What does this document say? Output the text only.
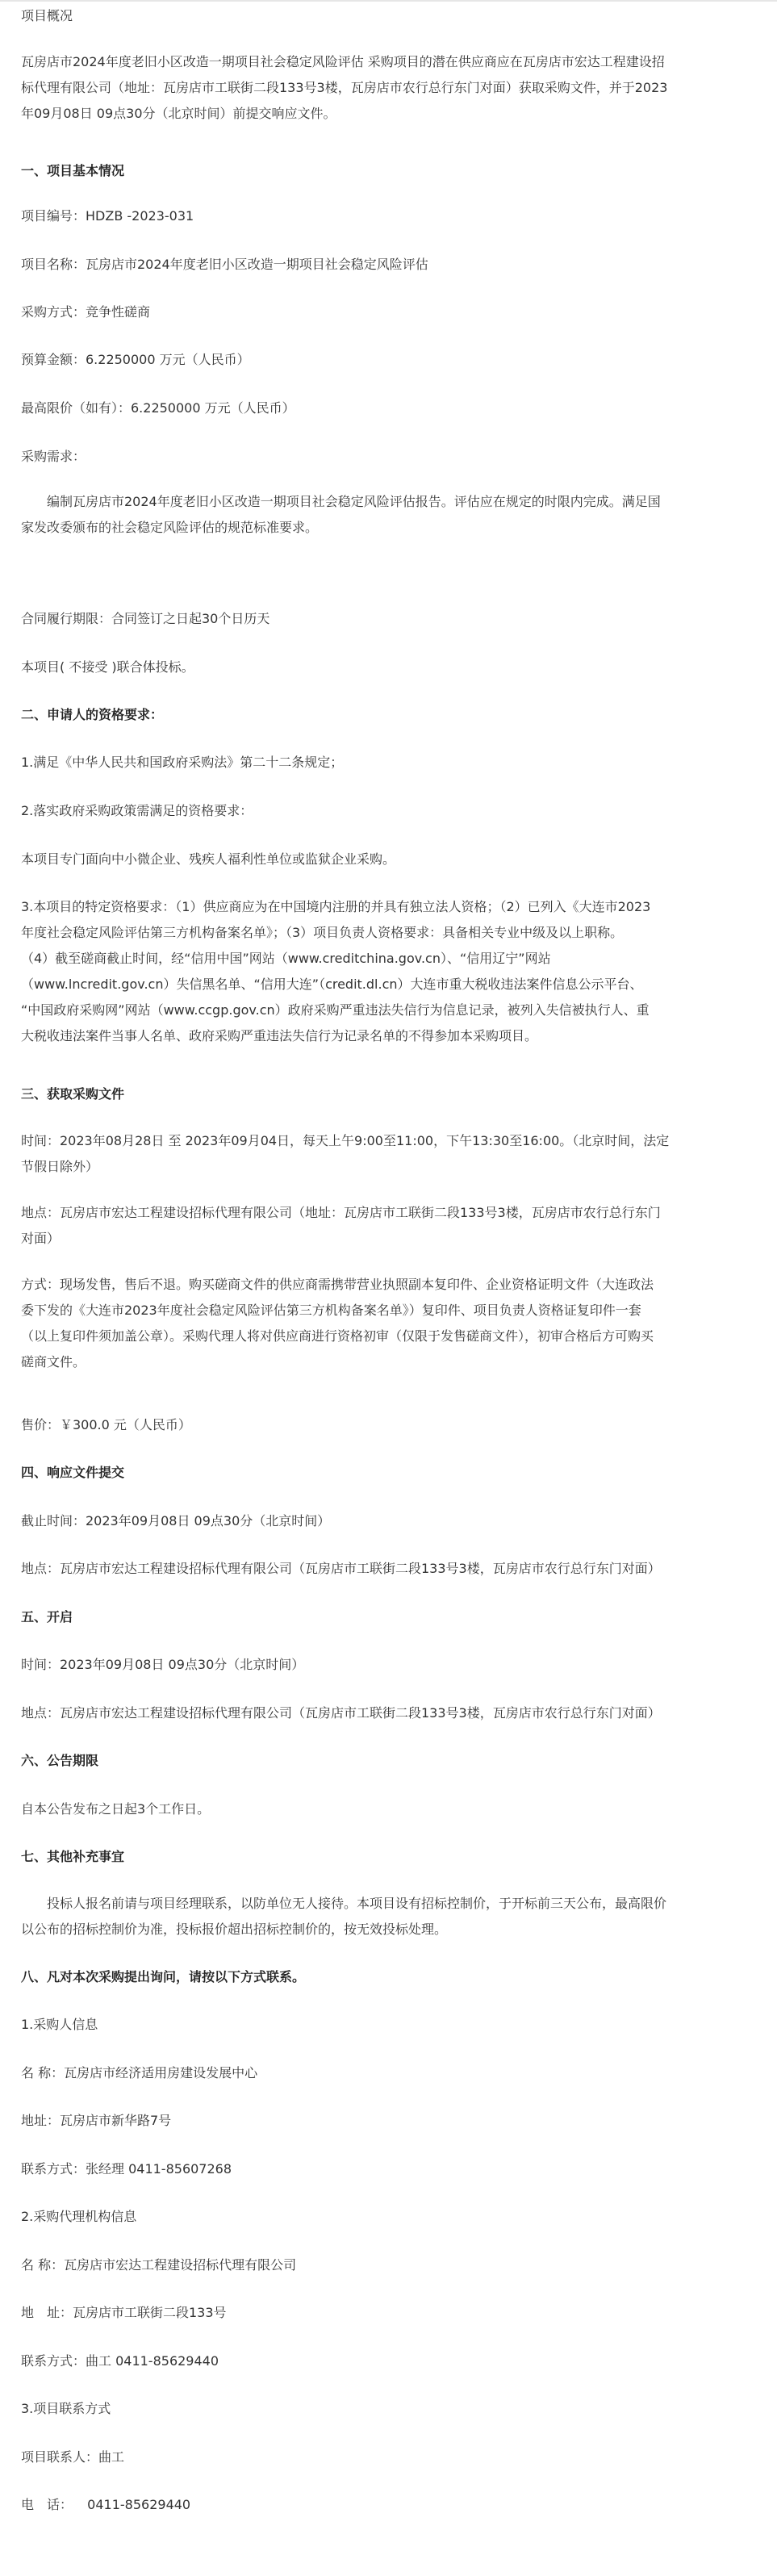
项目概况

瓦房店市2024年度老旧小区改造一期项目社会稳定风险评估 采购项目的潜在供应商应在瓦房店市宏达工程建设招
标代理有限公司（地址：瓦房店市工联街二段133号3楼，瓦房店市农行总行东门对面）获取采购文件，并于2023
年09月08日 09点30分（北京时间）前提交响应文件。

一、项目基本情况

项目编号：HDZB -2023-031

项目名称：瓦房店市2024年度老旧小区改造一期项目社会稳定风险评估

采购方式：竞争性磋商

预算金额：6.2250000 万元（人民币）

最高限价（如有）：6.2250000 万元（人民币）

采购需求：

编制瓦房店市2024年度老旧小区改造一期项目社会稳定风险评估报告。评估应在规定的时限内完成。满足国
家发改委颁布的社会稳定风险评估的规范标准要求。

合同履行期限：合同签订之日起30个日历天

本项目( 不接受 )联合体投标。

二、申请人的资格要求：

1.满足《中华人民共和国政府采购法》第二十二条规定；

2.落实政府采购政策需满足的资格要求：

本项目专门面向中小微企业、残疾人福利性单位或监狱企业采购。

3.本项目的特定资格要求：（1）供应商应为在中国境内注册的并具有独立法人资格；（2）已列入《大连市2023
年度社会稳定风险评估第三方机构备案名单》；（3）项目负责人资格要求：具备相关专业中级及以上职称。
（4）截至磋商截止时间，经“信用中国”网站（www.creditchina.gov.cn）、“信用辽宁”网站
（www.lncredit.gov.cn）失信黑名单、“信用大连”（credit.dl.cn）大连市重大税收违法案件信息公示平台、
“中国政府采购网”网站（www.ccgp.gov.cn）政府采购严重违法失信行为信息记录，被列入失信被执行人、重
大税收违法案件当事人名单、政府采购严重违法失信行为记录名单的不得参加本采购项目。

三、获取采购文件

时间：2023年08月28日 至 2023年09月04日，每天上午9:00至11:00，下午13:30至16:00。（北京时间，法定
节假日除外）
地点：瓦房店市宏达工程建设招标代理有限公司（地址：瓦房店市工联街二段133号3楼，瓦房店市农行总行东门
对面）
方式：现场发售，售后不退。购买磋商文件的供应商需携带营业执照副本复印件、企业资格证明文件（大连政法
委下发的《大连市2023年度社会稳定风险评估第三方机构备案名单》）复印件、项目负责人资格证复印件一套
（以上复印件须加盖公章）。采购代理人将对供应商进行资格初审（仅限于发售磋商文件），初审合格后方可购买
磋商文件。

售价：￥300.0 元（人民币）

四、响应文件提交

截止时间：2023年09月08日 09点30分（北京时间）

地点：瓦房店市宏达工程建设招标代理有限公司（瓦房店市工联街二段133号3楼，瓦房店市农行总行东门对面）

五、开启

时间：2023年09月08日 09点30分（北京时间）

地点：瓦房店市宏达工程建设招标代理有限公司（瓦房店市工联街二段133号3楼，瓦房店市农行总行东门对面）

六、公告期限

自本公告发布之日起3个工作日。

七、其他补充事宜

投标人报名前请与项目经理联系，以防单位无人接待。本项目设有招标控制价，于开标前三天公布，最高限价
以公布的招标控制价为准，投标报价超出招标控制价的，按无效投标处理。

八、凡对本次采购提出询问，请按以下方式联系。

1.采购人信息

名 称：瓦房店市经济适用房建设发展中心

地址：瓦房店市新华路7号

联系方式：张经理 0411-85607268

2.采购代理机构信息

名 称：瓦房店市宏达工程建设招标代理有限公司

地　址：瓦房店市工联街二段133号

联系方式：曲工 0411-85629440

3.项目联系方式

项目联系人：曲工

电　话：　  0411-85629440
